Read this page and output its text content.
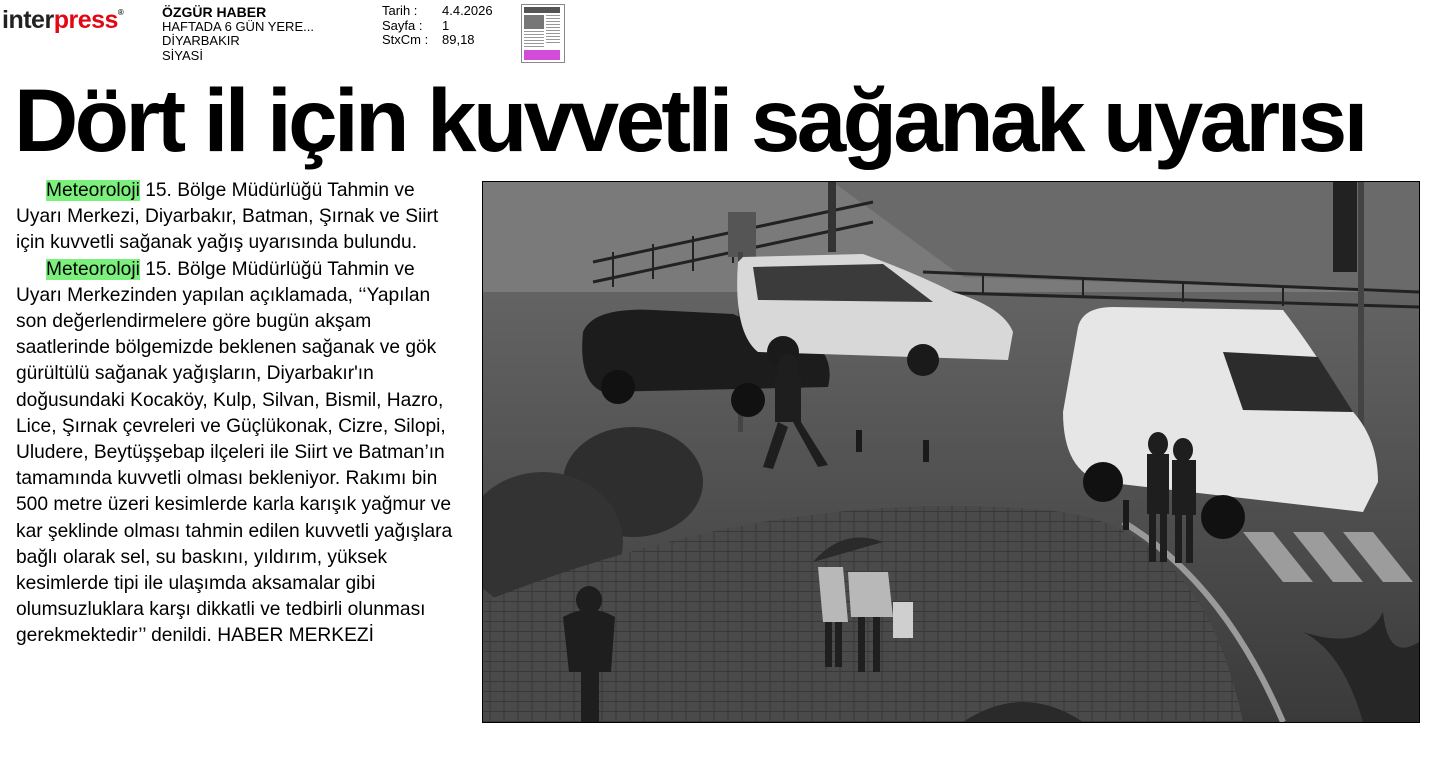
interpress®	ÖZGÜR HABER
HAFTADA 6 GÜN YERE...
DİYARBAKIR
SİYASİ
Tarih :	4.4.2026
Sayfa :	1
StxCm :	89,18
Dört il için kuvvetli sağanak uyarısı

Meteoroloji 15. Bölge Müdürlüğü Tahmin ve Uyarı Merkezi, Diyarbakır, Batman, Şırnak ve Siirt için kuvvetli sağanak yağış uyarısında bulundu.

Meteoroloji 15. Bölge Müdürlüğü Tahmin ve Uyarı Merkezinden yapılan açıklamada, ‘‘Yapılan son değerlendirmelere göre bugün akşam saatlerinde bölgemizde beklenen sağanak ve gök gürültülü sağanak yağışların, Diyarbakır'ın doğusundaki Kocaköy, Kulp, Silvan, Bismil, Hazro, Lice, Şırnak çevreleri ve Güçlükonak, Cizre, Silopi, Uludere, Beytüşşebap ilçeleri ile Siirt ve Batman’ın tamamında kuvvetli olması bekleniyor. Rakımı bin 500 metre üzeri kesimlerde karla karışık yağmur ve kar şeklinde olması tahmin edilen kuvvetli yağışlara bağlı olarak sel, su baskını, yıldırım, yüksek kesimlerde tipi ile ulaşımda aksamalar gibi olumsuzluklara karşı dikkatli ve tedbirli olunması gerekmektedir’’ denildi. HABER MERKEZİ
